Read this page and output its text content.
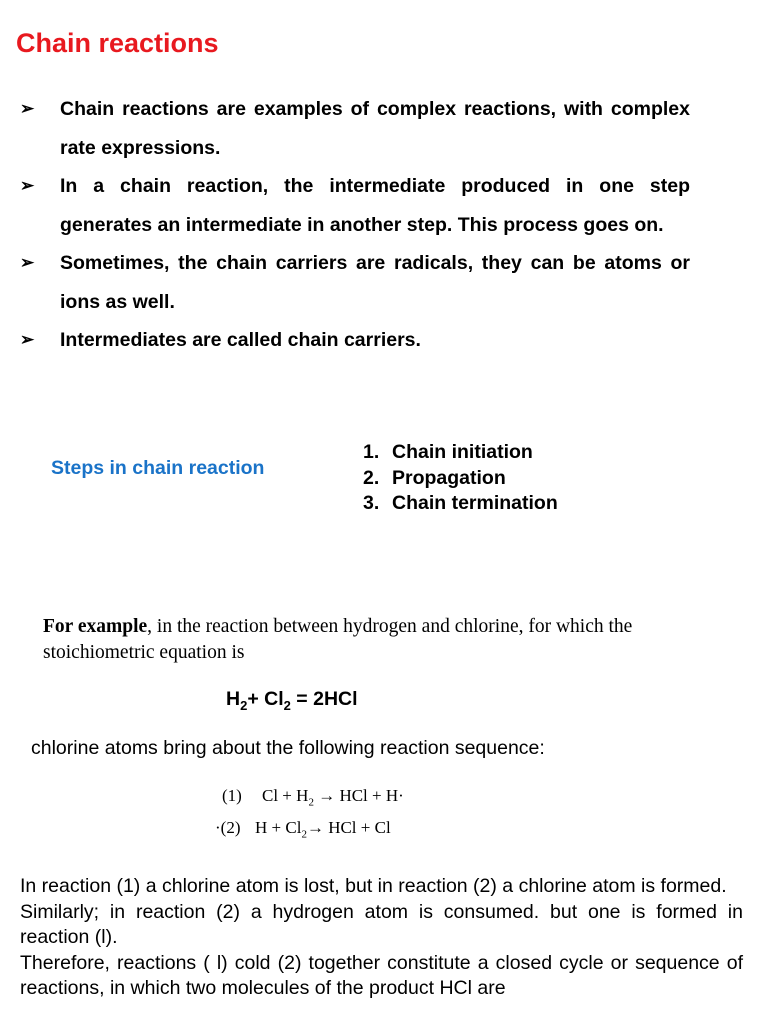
Chain reactions
➢ Chain reactions are examples of complex reactions, with complex rate expressions.
➢ In a chain reaction, the intermediate produced in one step generates an intermediate in another step. This process goes on.
➢ Sometimes, the chain carriers are radicals, they can be atoms or ions as well.
➢ Intermediates are called chain carriers.
Steps in chain reaction
1. Chain initiation
2. Propagation
3. Chain termination

For example, in the reaction between hydrogen and chlorine, for which the stoichiometric equation is

$H_2+ Cl_2 = 2HCl$
chlorine atoms bring about the following reaction sequence:
(1) $Cl + H_2$ → HCl + H·
·(2) $H + Cl_2\to$ HCl + Cl

In reaction (1) a chlorine atom is lost, but in reaction (2) a chlorine atom is formed.

Similarly; in reaction (2) a hydrogen atom is consumed. but one is formed in reaction (l).

Therefore, reactions ( l) cold (2) together constitute a closed cycle or sequence of reactions, in which two molecules of the product HCl are
